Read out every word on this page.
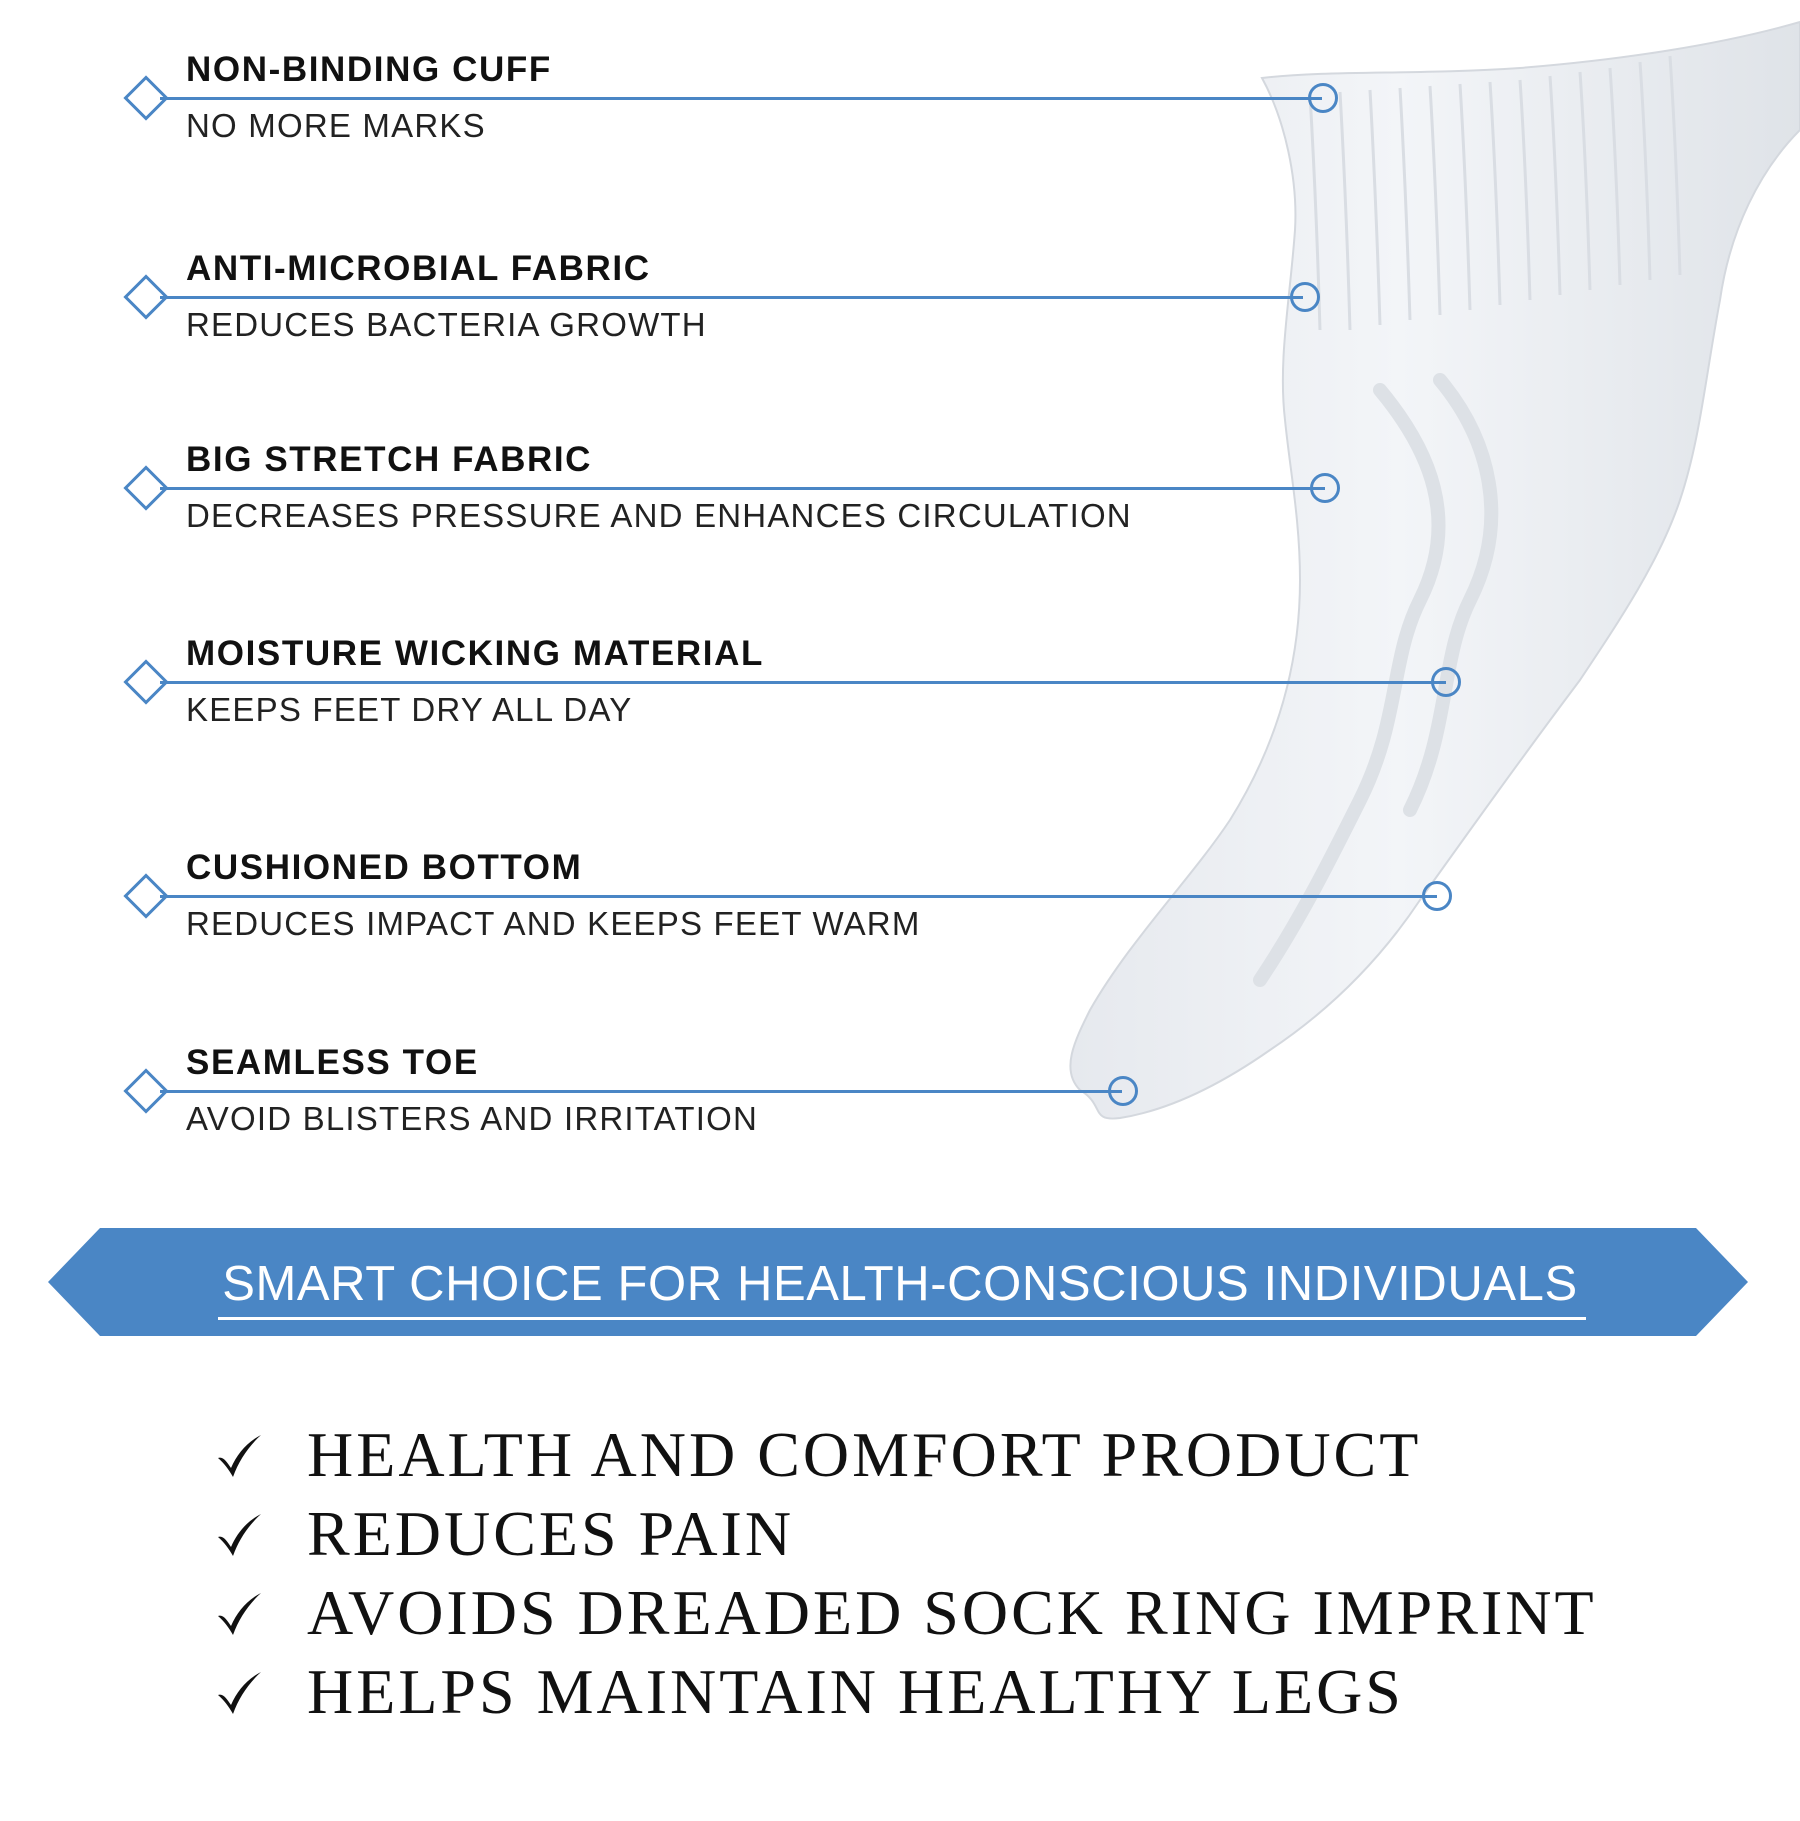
NON-BINDING CUFF
NO MORE MARKS
ANTI-MICROBIAL FABRIC
REDUCES BACTERIA GROWTH
BIG STRETCH FABRIC
DECREASES PRESSURE AND ENHANCES CIRCULATION
MOISTURE WICKING MATERIAL
KEEPS FEET DRY ALL DAY
CUSHIONED BOTTOM
REDUCES IMPACT AND KEEPS FEET WARM
SEAMLESS TOE
AVOID BLISTERS AND IRRITATION
SMART CHOICE FOR HEALTH-CONSCIOUS INDIVIDUALS
HEALTH AND COMFORT PRODUCT
REDUCES PAIN
AVOIDS DREADED SOCK RING IMPRINT
HELPS MAINTAIN HEALTHY LEGS
